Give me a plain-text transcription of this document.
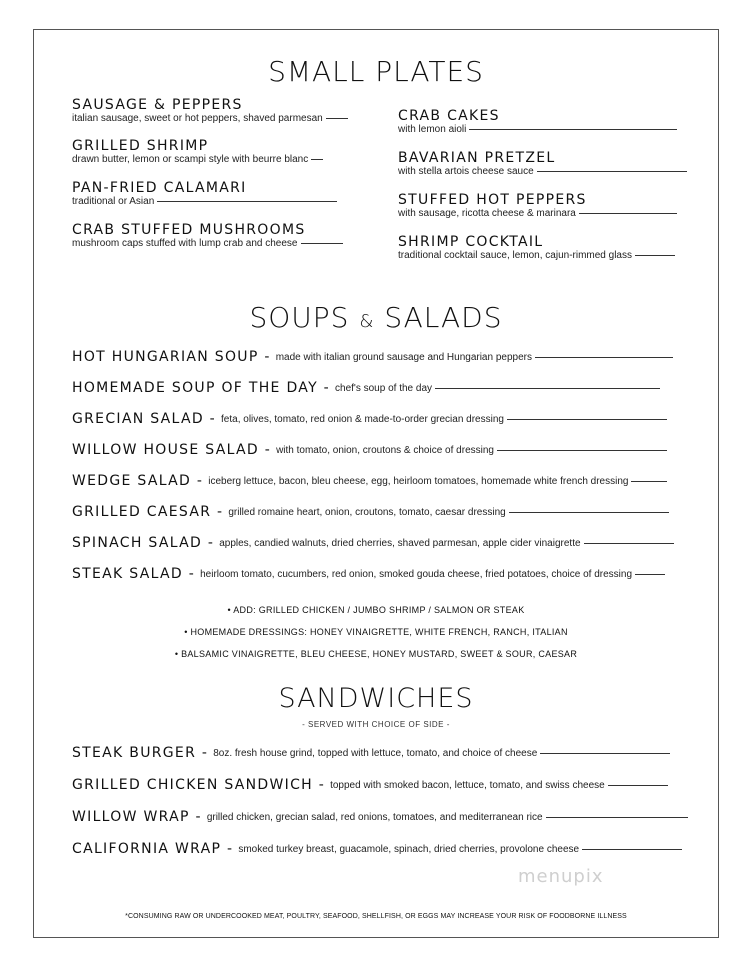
SMALL PLATES
SAUSAGE & PEPPERS
italian sausage, sweet or hot peppers, shaved parmesan
GRILLED SHRIMP
drawn butter, lemon or scampi style with beurre blanc
PAN-FRIED CALAMARI
traditional or Asian
CRAB STUFFED MUSHROOMS
mushroom caps stuffed with lump crab and cheese
CRAB CAKES
with lemon aioli
BAVARIAN PRETZEL
with stella artois cheese sauce
STUFFED HOT PEPPERS
with sausage, ricotta cheese & marinara
SHRIMP COCKTAIL
traditional cocktail sauce, lemon, cajun-rimmed glass
SOUPS & SALADS
HOT HUNGARIAN SOUP - made with italian ground sausage and Hungarian peppers
HOMEMADE SOUP OF THE DAY - chef's soup of the day
GRECIAN SALAD - feta, olives, tomato, red onion & made-to-order grecian dressing
WILLOW HOUSE SALAD - with tomato, onion, croutons & choice of dressing
WEDGE SALAD - iceberg lettuce, bacon, bleu cheese, egg, heirloom tomatoes, homemade white french dressing
GRILLED CAESAR - grilled romaine heart, onion, croutons, tomato, caesar dressing
SPINACH SALAD - apples, candied walnuts, dried cherries, shaved parmesan, apple cider vinaigrette
STEAK SALAD - heirloom tomato, cucumbers, red onion, smoked gouda cheese, fried potatoes, choice of dressing
• ADD: GRILLED CHICKEN / JUMBO SHRIMP / SALMON OR STEAK
• HOMEMADE DRESSINGS: HONEY VINAIGRETTE, WHITE FRENCH, RANCH, ITALIAN
• BALSAMIC VINAIGRETTE, BLEU CHEESE, HONEY MUSTARD, SWEET & SOUR, CAESAR
SANDWICHES
- SERVED WITH CHOICE OF SIDE -
STEAK BURGER - 8oz. fresh house grind, topped with lettuce, tomato, and choice of cheese
GRILLED CHICKEN SANDWICH - topped with smoked bacon, lettuce, tomato, and swiss cheese
WILLOW WRAP - grilled chicken, grecian salad, red onions, tomatoes, and mediterranean rice
CALIFORNIA WRAP - smoked turkey breast, guacamole, spinach, dried cherries, provolone cheese
menupix
*CONSUMING RAW OR UNDERCOOKED MEAT, POULTRY, SEAFOOD, SHELLFISH, OR EGGS MAY INCREASE YOUR RISK OF FOODBORNE ILLNESS
